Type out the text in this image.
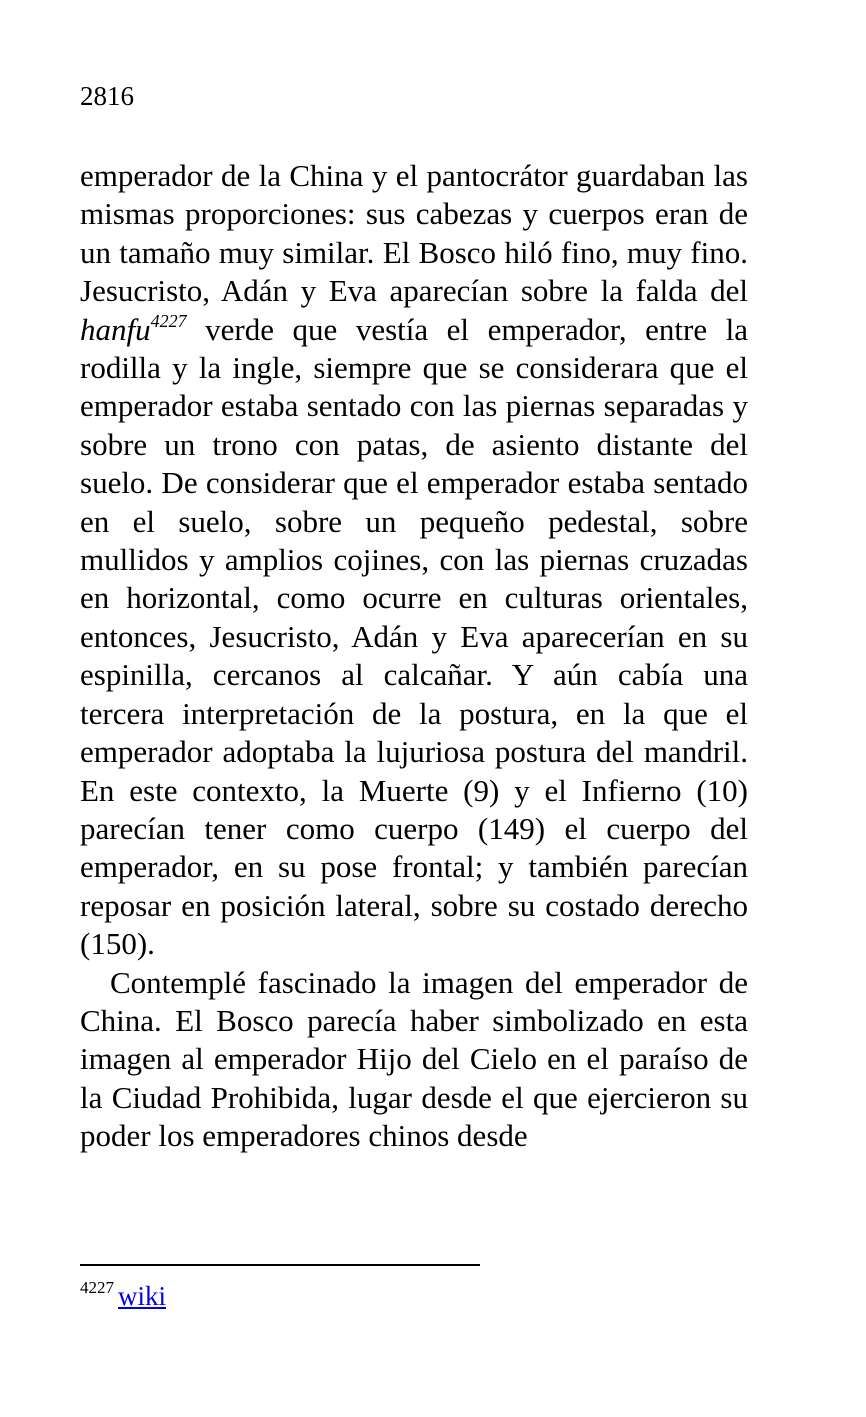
2816

emperador de la China y el pantocrátor guardaban las mismas proporciones: sus cabezas y cuerpos eran de un tamaño muy similar. El Bosco hiló fino, muy fino. Jesucristo, Adán y Eva aparecían sobre la falda del hanfu$^{4227}$ verde que vestía el emperador, entre la rodilla y la ingle, siempre que se considerara que el emperador estaba sentado con las piernas separadas y sobre un trono con patas, de asiento distante del suelo. De considerar que el emperador estaba sentado en el suelo, sobre un pequeño pedestal, sobre mullidos y amplios cojines, con las piernas cruzadas en horizontal, como ocurre en culturas orientales, entonces, Jesucristo, Adán y Eva aparecerían en su espinilla, cercanos al calcañar. Y aún cabía una tercera interpretación de la postura, en la que el emperador adoptaba la lujuriosa postura del mandril. En este contexto, la Muerte (9) y el Infierno (10) parecían tener como cuerpo (149) el cuerpo del emperador, en su pose frontal; y también parecían reposar en posición lateral, sobre su costado derecho (150).

Contemplé fascinado la imagen del emperador de China. El Bosco parecía haber simbolizado en esta imagen al emperador Hijo del Cielo en el paraíso de la Ciudad Prohibida, lugar desde el que ejercieron su poder los emperadores chinos desde

$^{4227}$ wiki
